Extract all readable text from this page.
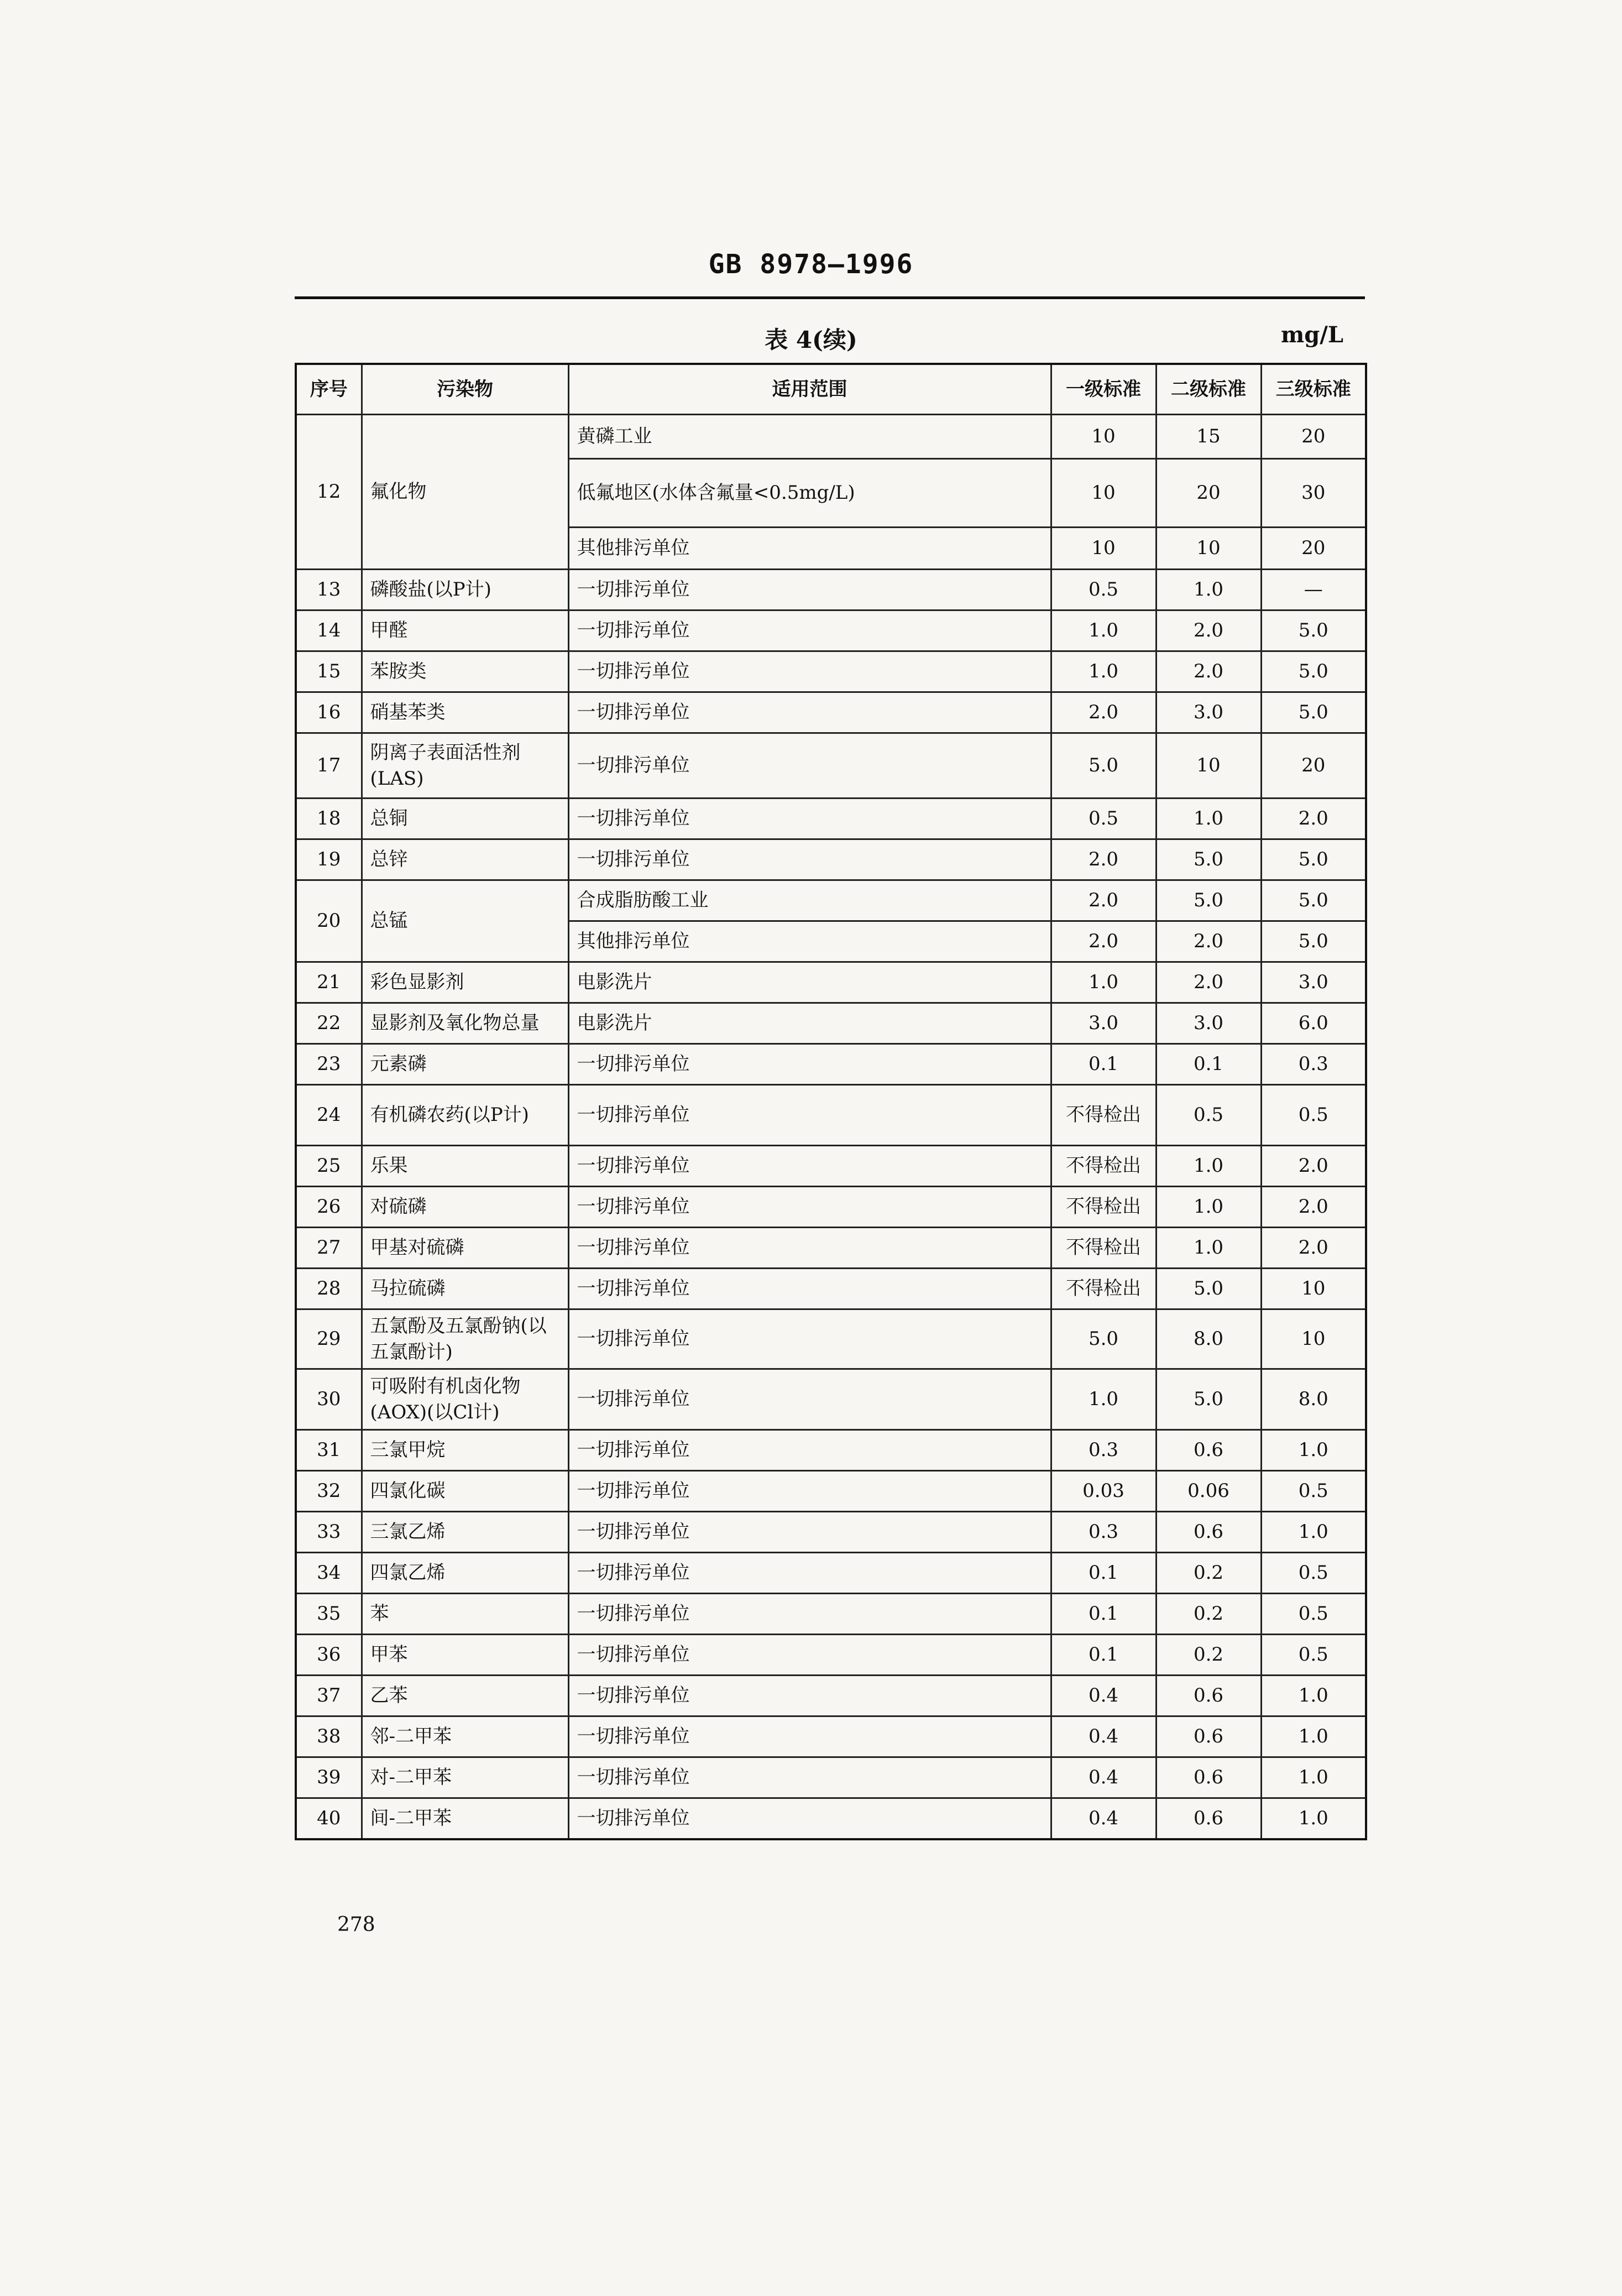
GB 8978—1996
表 4(续)	mg/L
序号	污染物	适用范围	一级标准	二级标准	三级标准
12	氟化物	黄磷工业	10	15	20
		低氟地区(水体含氟量<0.5mg/L)	10	20	30
		其他排污单位	10	10	20
13	磷酸盐(以P计)	一切排污单位	0.5	1.0	—
14	甲醛	一切排污单位	1.0	2.0	5.0
15	苯胺类	一切排污单位	1.0	2.0	5.0
16	硝基苯类	一切排污单位	2.0	3.0	5.0
17	阴离子表面活性剂(LAS)	一切排污单位	5.0	10	20
18	总铜	一切排污单位	0.5	1.0	2.0
19	总锌	一切排污单位	2.0	5.0	5.0
20	总锰	合成脂肪酸工业	2.0	5.0	5.0
		其他排污单位	2.0	2.0	5.0
21	彩色显影剂	电影洗片	1.0	2.0	3.0
22	显影剂及氧化物总量	电影洗片	3.0	3.0	6.0
23	元素磷	一切排污单位	0.1	0.1	0.3
24	有机磷农药(以P计)	一切排污单位	不得检出	0.5	0.5
25	乐果	一切排污单位	不得检出	1.0	2.0
26	对硫磷	一切排污单位	不得检出	1.0	2.0
27	甲基对硫磷	一切排污单位	不得检出	1.0	2.0
28	马拉硫磷	一切排污单位	不得检出	5.0	10
29	五氯酚及五氯酚钠(以五氯酚计)	一切排污单位	5.0	8.0	10
30	可吸附有机卤化物(AOX)(以Cl计)	一切排污单位	1.0	5.0	8.0
31	三氯甲烷	一切排污单位	0.3	0.6	1.0
32	四氯化碳	一切排污单位	0.03	0.06	0.5
33	三氯乙烯	一切排污单位	0.3	0.6	1.0
34	四氯乙烯	一切排污单位	0.1	0.2	0.5
35	苯	一切排污单位	0.1	0.2	0.5
36	甲苯	一切排污单位	0.1	0.2	0.5
37	乙苯	一切排污单位	0.4	0.6	1.0
38	邻-二甲苯	一切排污单位	0.4	0.6	1.0
39	对-二甲苯	一切排污单位	0.4	0.6	1.0
40	间-二甲苯	一切排污单位	0.4	0.6	1.0
278
